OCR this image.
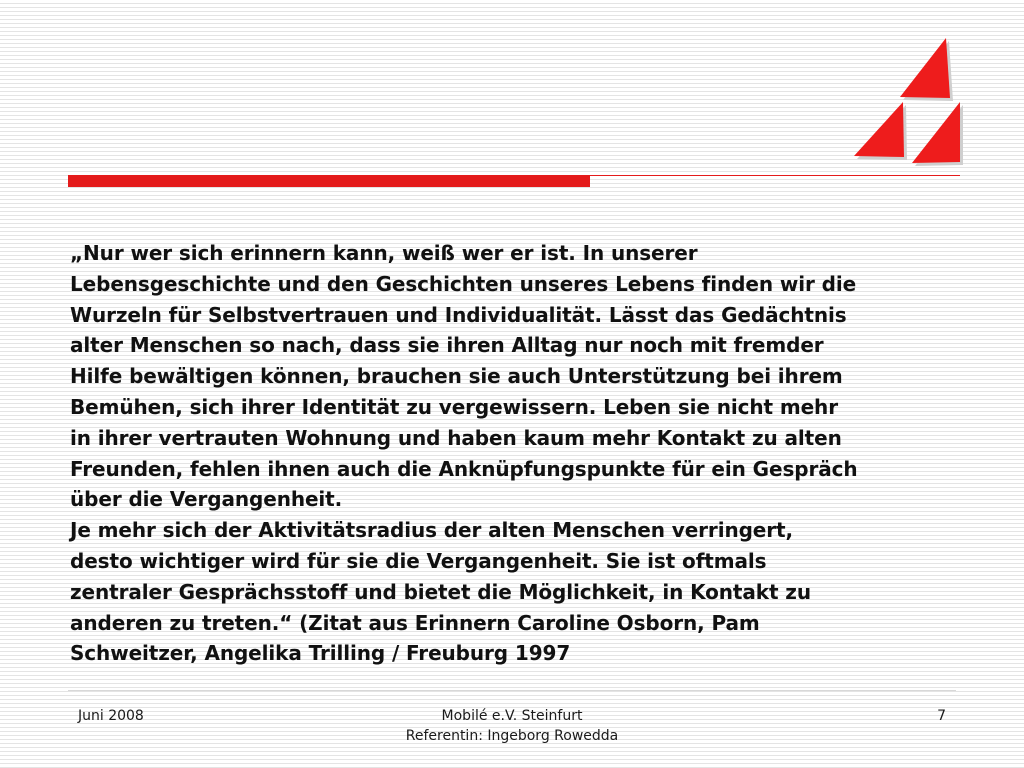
„Nur wer sich erinnern kann, weiß wer er ist. In unserer

Lebensgeschichte und den Geschichten unseres Lebens finden wir die

Wurzeln für Selbstvertrauen und Individualität. Lässt das Gedächtnis

alter Menschen so nach, dass sie ihren Alltag nur noch mit fremder

Hilfe bewältigen können, brauchen sie auch Unterstützung bei ihrem

Bemühen, sich ihrer Identität zu vergewissern. Leben sie nicht mehr

in ihrer vertrauten Wohnung und haben kaum mehr Kontakt zu alten

Freunden, fehlen ihnen auch die Anknüpfungspunkte für ein Gespräch

über die Vergangenheit.

Je mehr sich der Aktivitätsradius der alten Menschen verringert,

desto wichtiger wird für sie die Vergangenheit. Sie ist oftmals

zentraler Gesprächsstoff und bietet die Möglichkeit, in Kontakt zu

anderen zu treten.“ (Zitat aus Erinnern Caroline Osborn, Pam

Schweitzer, Angelika Trilling / Freuburg 1997

Juni 2008	Mobilé e.V. Steinfurt
Referentin: Ingeborg Rowedda
7
